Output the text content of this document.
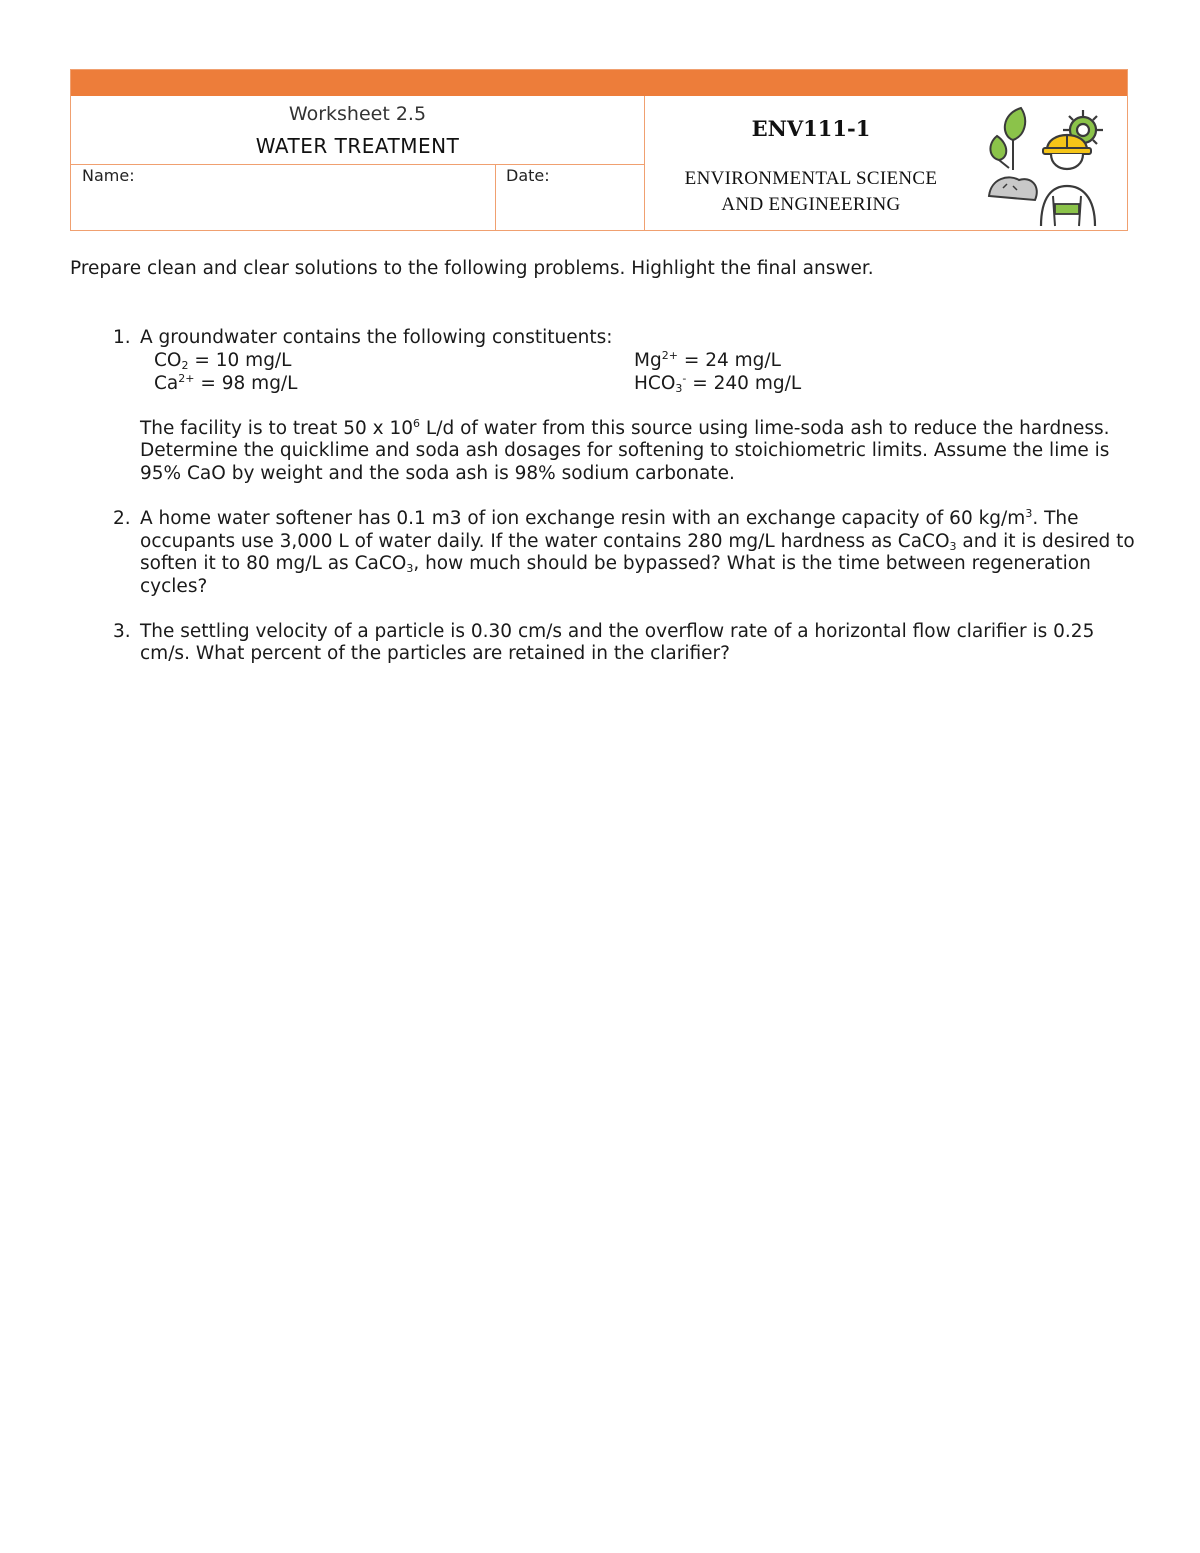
Worksheet 2.5
WATER TREATMENT
Name:	Date:
ENV111-1
ENVIRONMENTAL SCIENCE
AND ENGINEERING
Prepare clean and clear solutions to the following problems. Highlight the final answer.
1. A groundwater contains the following constituents:

$CO_2 = 10$ mg/L
$Ca^{2+} = 98$ mg/L
$Mg^{2+} = 24$ mg/L
$HCO_3^- = 240$ mg/L

The facility is to treat 50 x $10^6$ L/d of water from this source using lime-soda ash to reduce the hardness. Determine the quicklime and soda ash dosages for softening to stoichiometric limits. Assume the lime is 95% CaO by weight and the soda ash is 98% sodium carbonate.

2. A home water softener has 0.1 m3 of ion exchange resin with an exchange capacity of 60 $kg/m^3$. The occupants use 3,000 L of water daily. If the water contains 280 mg/L hardness as CaCO$_3$ and it is desired to soften it to 80 mg/L as CaCO$_3$, how much should be bypassed? What is the time between regeneration cycles?

3. The settling velocity of a particle is 0.30 cm/s and the overflow rate of a horizontal flow clarifier is 0.25 cm/s. What percent of the particles are retained in the clarifier?
